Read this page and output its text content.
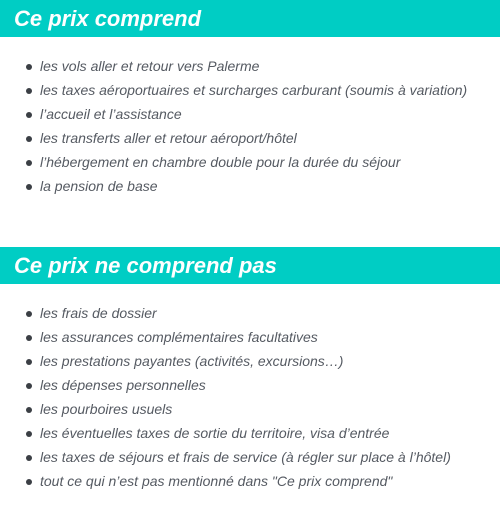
Ce prix comprend
les vols aller et retour vers Palerme
les taxes aéroportuaires et surcharges carburant (soumis à variation)
l’accueil et l’assistance
les transferts aller et retour aéroport/hôtel
l’hébergement en chambre double pour la durée du séjour
la pension de base
Ce prix ne comprend pas
les frais de dossier
les assurances complémentaires facultatives
les prestations payantes (activités, excursions…)
les dépenses personnelles
les pourboires usuels
les éventuelles taxes de sortie du territoire, visa d’entrée
les taxes de séjours et frais de service (à régler sur place à l’hôtel)
tout ce qui n’est pas mentionné dans "Ce prix comprend"
